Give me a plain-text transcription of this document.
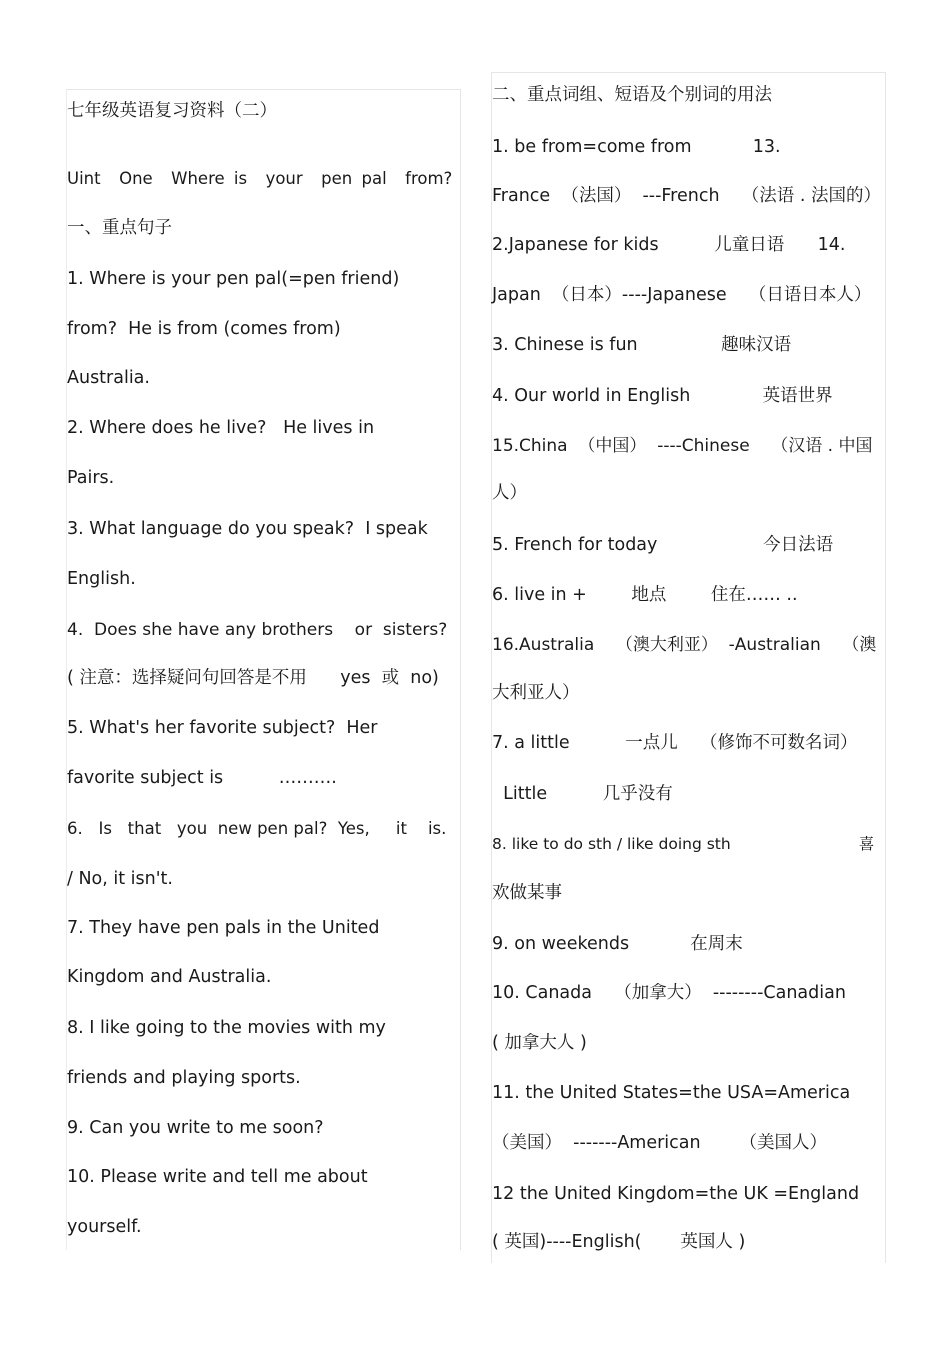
七年级英语复习资料（二）
Uint  One  Where is  your  pen pal  from?
一、重点句子
1. Where is your pen pal(=pen friend)
from?  He is from (comes from)
Australia.
2. Where does he live?   He lives in
Pairs.
3. What language do you speak?  I speak
English.
4.  Does she have any brothers    or  sisters?
( 注意：选择疑问句回答是不用      yes  或  no)
5. What's her favorite subject?  Her
favorite subject is          ……….
6.   Is   that   you  new pen pal?  Yes,     it    is.
/ No, it isn't.
7. They have pen pals in the United
Kingdom and Australia.
8. I like going to the movies with my
friends and playing sports.
9. Can you write to me soon?
10. Please write and tell me about
yourself.
二、重点词组、短语及个别词的用法
1. be from=come from           13.
France  （法国）  ---French    （法语 . 法国的）
2.Japanese for kids          儿童日语      14.
Japan  （日本）----Japanese    （日语日本人）
3. Chinese is fun               趣味汉语
4. Our world in English             英语世界
15.China  （中国）  ----Chinese    （汉语 . 中国
人）
5. French for today                   今日法语
6. live in +        地点        住在…… ..
16.Australia    （澳大利亚）  -Australian    （澳
大利亚人）
7. a little          一点儿    （修饰不可数名词）
Little          几乎没有
8. like to do sth / like doing sth                          喜
欢做某事
9. on weekends           在周末
10. Canada    （加拿大）  --------Canadian
( 加拿大人 )
11. the United States=the USA=America
（美国）  -------American       （美国人）
12 the United Kingdom=the UK =England
( 英国)----English(       英国人 )
